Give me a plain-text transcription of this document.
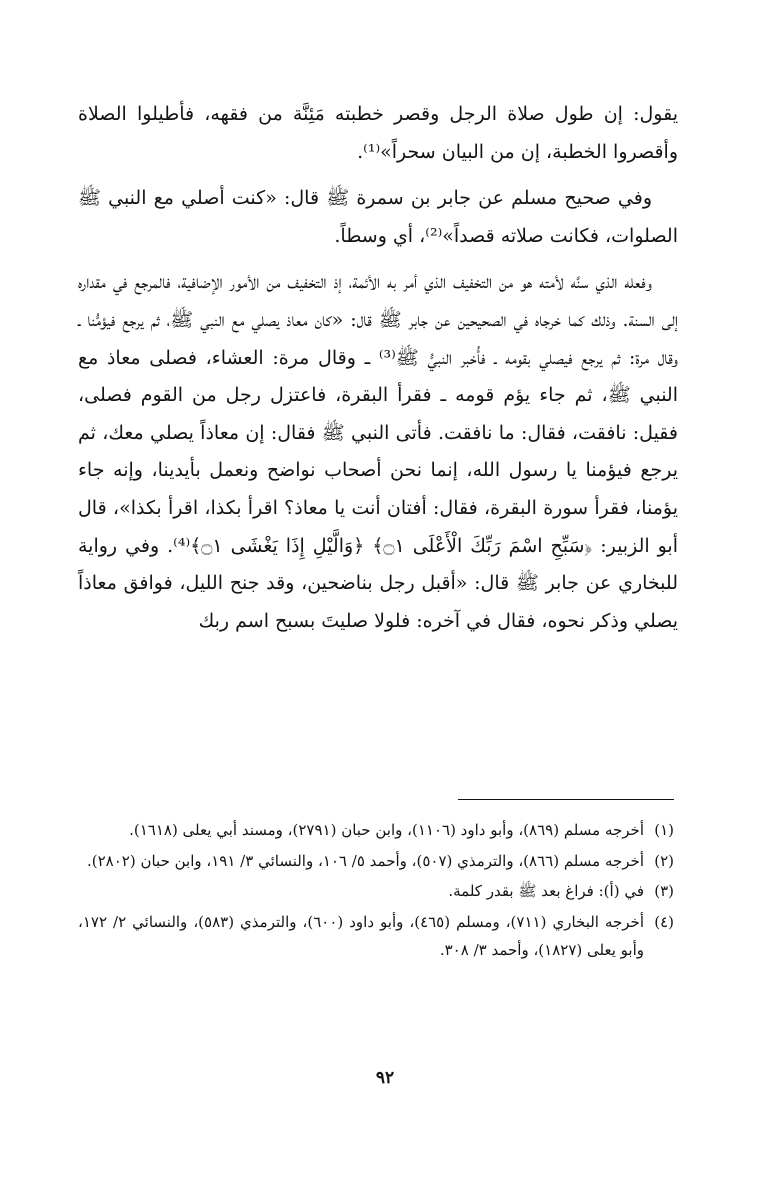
يقول: إن طول صلاة الرجل وقصر خطبته مَئِنَّة من فقهه، فأطيلوا الصلاة وأقصروا الخطبة، إن من البيان سحراً»⁽¹⁾.

وفي صحيح مسلم عن جابر بن سمرة ﷺ قال: «كنت أصلي مع النبي ﷺ الصلوات، فكانت صلاته قصداً»⁽²⁾، أي وسطاً.

وفعله الذي سنَّه لأمته هو من التخفيف الذي أمر به الأئمة، إذ التخفيف من الأمور الإضافية، فالمرجع في مقداره إلى السنة. وذلك كما خرجاه في الصحيحين عن جابر ﷺ قال: «كان معاذ يصلي مع النبي ﷺ، ثم يرجع فيؤمُّنا ـ وقال مرة: ثم يرجع فيصلي بقومه ـ فأُخبر النبيُّ ﷺ⁽³⁾ ـ وقال مرة: العشاء، فصلى معاذ مع النبي ﷺ، ثم جاء يؤم قومه ـ فقرأ البقرة، فاعتزل رجل من القوم فصلى، فقيل: نافقت، فقال: ما نافقت. فأتى النبي ﷺ فقال: إن معاذاً يصلي معك، ثم يرجع فيؤمنا يا رسول الله، إنما نحن أصحاب نواضح ونعمل بأيدينا، وإنه جاء يؤمنا، فقرأ سورة البقرة، فقال: أفتان أنت يا معاذ؟ اقرأ بكذا، اقرأ بكذا»، قال أبو الزبير: ﴿سَبِّحِ اسْمَ رَبِّكَ الْأَعْلَى ۝١﴾ ﴿وَالَّيْلِ إِذَا يَغْشَى ۝١﴾⁽⁴⁾. وفي رواية للبخاري عن جابر ﷺ قال: «أقبل رجل بناضحين، وقد جنح الليل، فوافق معاذاً يصلي وذكر نحوه، فقال في آخره: فلولا صليتَ بسبح اسم ربك

(١)
أخرجه مسلم (٨٦٩)، وأبو داود (١١٠٦)، وابن حبان (٢٧٩١)، ومسند أبي يعلى (١٦١٨).
(٢)
أخرجه مسلم (٨٦٦)، والترمذي (٥٠٧)، وأحمد ٥/ ١٠٦، والنسائي ٣/ ١٩١، وابن حبان (٢٨٠٢).
(٣)
في (أ): فراغ بعد ﷺ بقدر كلمة.
(٤)
أخرجه البخاري (٧١١)، ومسلم (٤٦٥)، وأبو داود (٦٠٠)، والترمذي (٥٨٣)، والنسائي ٢/ ١٧٢، وأبو يعلى (١٨٢٧)، وأحمد ٣/ ٣٠٨.
٩٢
